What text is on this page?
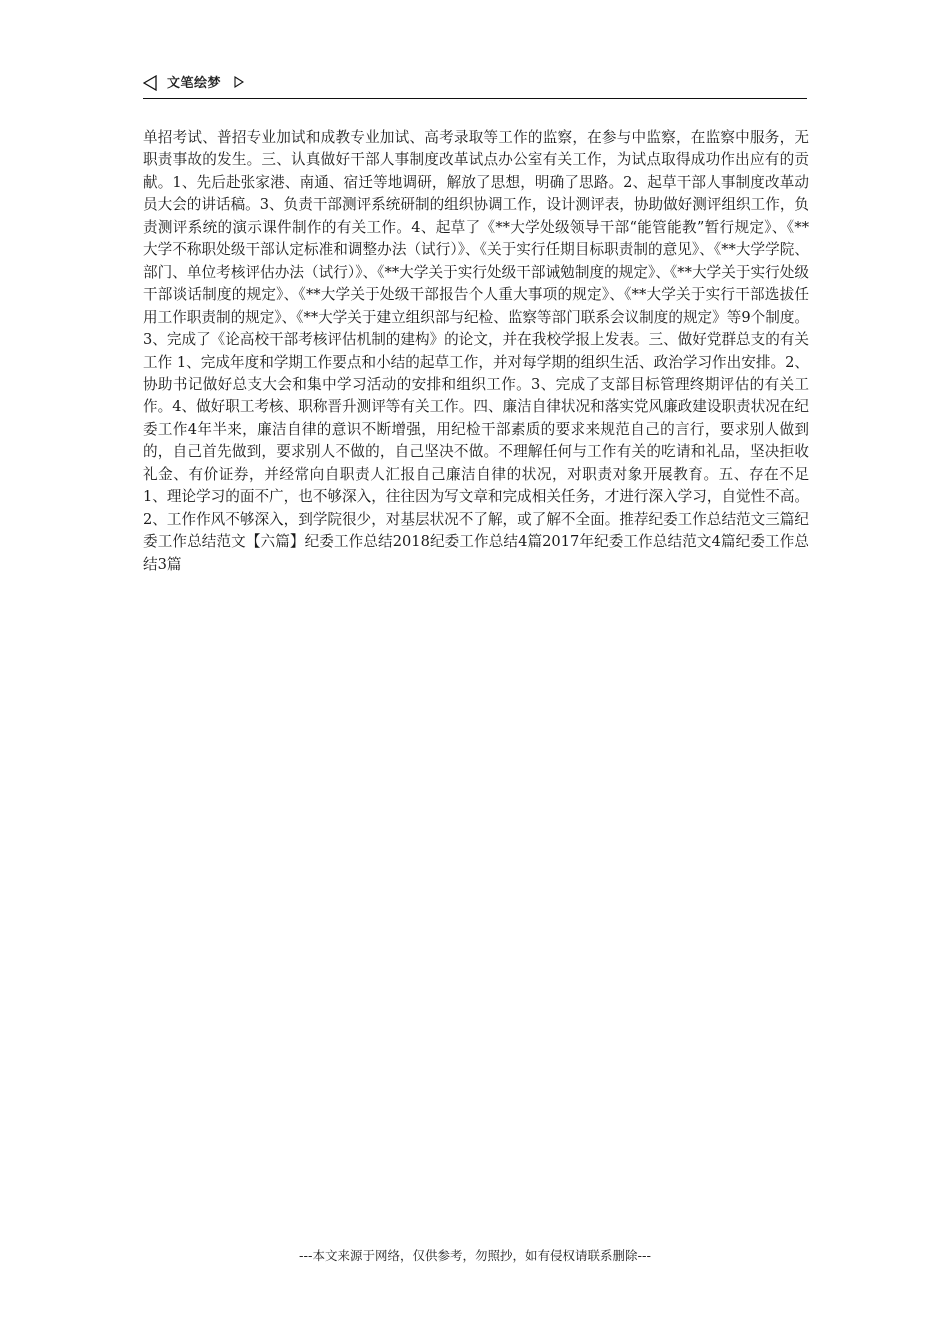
文笔绘梦

单招考试、普招专业加试和成教专业加试、高考录取等工作的监察，在参与中监察，在监察中服务，无职责事故的发生。三、认真做好干部人事制度改革试点办公室有关工作，为试点取得成功作出应有的贡献。1、先后赴张家港、南通、宿迁等地调研，解放了思想，明确了思路。2、起草干部人事制度改革动员大会的讲话稿。3、负责干部测评系统研制的组织协调工作，设计测评表，协助做好测评组织工作，负责测评系统的演示课件制作的有关工作。4、起草了《**大学处级领导干部“能管能教”暂行规定》、《**大学不称职处级干部认定标准和调整办法（试行）》、《关于实行任期目标职责制的意见》、《**大学学院、部门、单位考核评估办法（试行）》、《**大学关于实行处级干部诫勉制度的规定》、《**大学关于实行处级干部谈话制度的规定》、《**大学关于处级干部报告个人重大事项的规定》、《**大学关于实行干部选拔任用工作职责制的规定》、《**大学关于建立组织部与纪检、监察等部门联系会议制度的规定》等9个制度。3、完成了《论高校干部考核评估机制的建构》的论文，并在我校学报上发表。三、做好党群总支的有关工作 1、完成年度和学期工作要点和小结的起草工作，并对每学期的组织生活、政治学习作出安排。2、协助书记做好总支大会和集中学习活动的安排和组织工作。3、完成了支部目标管理终期评估的有关工作。4、做好职工考核、职称晋升测评等有关工作。四、廉洁自律状况和落实党风廉政建设职责状况在纪委工作4年半来，廉洁自律的意识不断增强，用纪检干部素质的要求来规范自己的言行，要求别人做到的，自己首先做到，要求别人不做的，自己坚决不做。不理解任何与工作有关的吃请和礼品，坚决拒收礼金、有价证券，并经常向自职责人汇报自己廉洁自律的状况，对职责对象开展教育。五、存在不足 1、理论学习的面不广，也不够深入，往往因为写文章和完成相关任务，才进行深入学习，自觉性不高。2、工作作风不够深入，到学院很少，对基层状况不了解，或了解不全面。推荐纪委工作总结范文三篇纪委工作总结范文【六篇】纪委工作总结2018纪委工作总结4篇2017年纪委工作总结范文4篇纪委工作总结3篇

---本文来源于网络，仅供参考，勿照抄，如有侵权请联系删除---
